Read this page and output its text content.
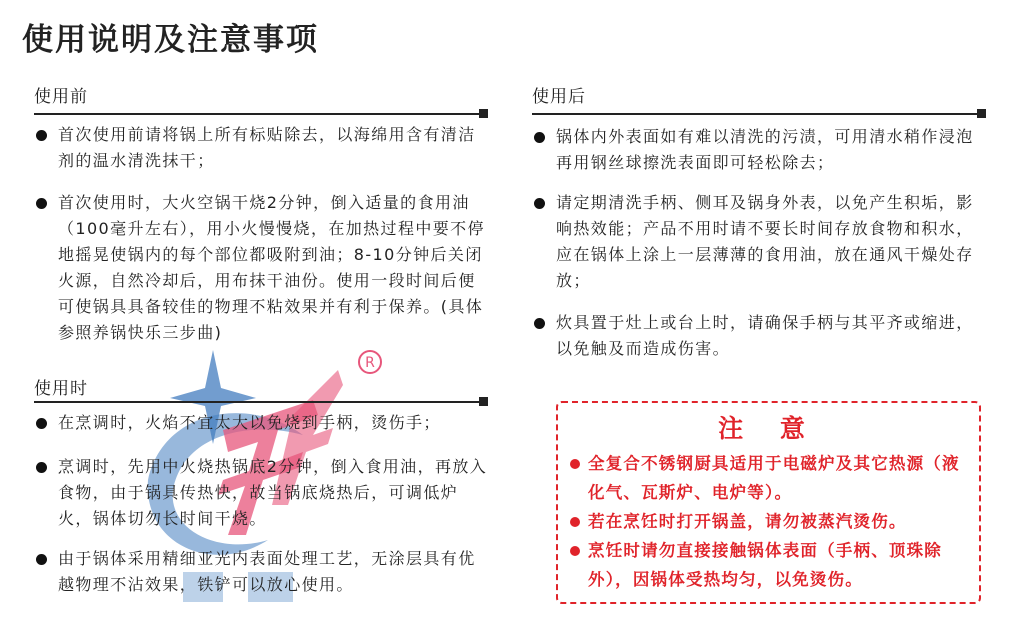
使用说明及注意事项
R
使用前
首次使用前请将锅上所有标贴除去，以海绵用含有清洁剂的温水清洗抹干；
首次使用时，大火空锅干烧2分钟，倒入适量的食用油（100毫升左右），用小火慢慢烧，在加热过程中要不停地摇晃使锅内的每个部位都吸附到油；8-10分钟后关闭火源，自然冷却后，用布抹干油份。使用一段时间后便可使锅具具备较佳的物理不粘效果并有利于保养。(具体参照养锅快乐三步曲)
使用时
在烹调时，火焰不宜太大以免烧到手柄，烫伤手；
烹调时，先用中火烧热锅底2分钟，倒入食用油，再放入食物，由于锅具传热快，故当锅底烧热后，可调低炉火，锅体切勿长时间干烧。
由于锅体采用精细亚光内表面处理工艺，无涂层具有优越物理不沾效果，铁铲可以放心使用。
使用后
锅体内外表面如有难以清洗的污渍，可用清水稍作浸泡再用钢丝球擦洗表面即可轻松除去；
请定期清洗手柄、侧耳及锅身外表，以免产生积垢，影响热效能；产品不用时请不要长时间存放食物和积水，应在锅体上涂上一层薄薄的食用油，放在通风干燥处存放；
炊具置于灶上或台上时，请确保手柄与其平齐或缩进，以免触及而造成伤害。
注 意
全复合不锈钢厨具适用于电磁炉及其它热源（液化气、瓦斯炉、电炉等）。
若在烹饪时打开锅盖，请勿被蒸汽烫伤。
烹饪时请勿直接接触锅体表面（手柄、顶珠除外），因锅体受热均匀，以免烫伤。
